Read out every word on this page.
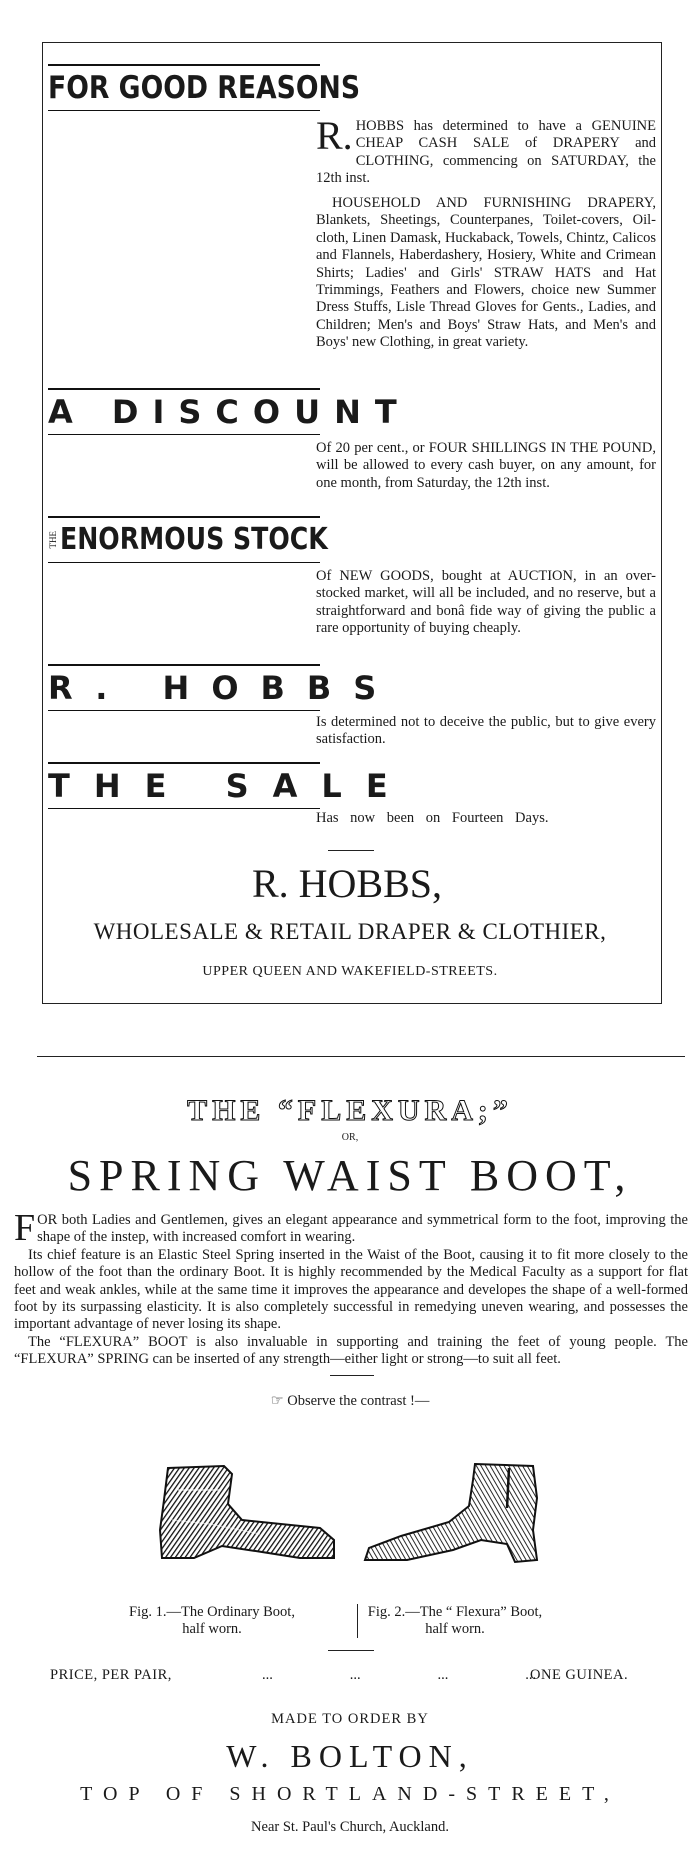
FOR GOOD REASONS
R. HOBBS has determined to have a GENUINE CHEAP CASH SALE of DRAPERY and CLOTHING, commencing on SATURDAY, the 12th inst.
HOUSEHOLD AND FURNISHING DRAPERY, Blankets, Sheetings, Counterpanes, Toilet-covers, Oil-cloth, Linen Damask, Huckaback, Towels, Chintz, Calicos and Flannels, Haberdashery, Hosiery, White and Crimean Shirts; Ladies' and Girls' STRAW HATS and Hat Trimmings, Feathers and Flowers, choice new Summer Dress Stuffs, Lisle Thread Gloves for Gents., Ladies, and Children; Men's and Boys' Straw Hats, and Men's and Boys' new Clothing, in great variety.
A DISCOUNT
Of 20 per cent., or FOUR SHILLINGS IN THE POUND, will be allowed to every cash buyer, on any amount, for one month, from Saturday, the 12th inst.
THE ENORMOUS STOCK
Of NEW GOODS, bought at AUCTION, in an over-stocked market, will all be included, and no reserve, but a straightforward and bonâ fide way of giving the public a rare opportunity of buying cheaply.
R. HOBBS
Is determined not to deceive the public, but to give every satisfaction.
THE SALE
Has now been on Fourteen Days.
R. HOBBS,
WHOLESALE & RETAIL DRAPER & CLOTHIER,
UPPER QUEEN AND WAKEFIELD-STREETS.
THE “FLEXURA;”
OR,
SPRING WAIST BOOT,
FOR both Ladies and Gentlemen, gives an elegant appearance and symmetrical form to the foot, improving the shape of the instep, with increased comfort in wearing.
Its chief feature is an Elastic Steel Spring inserted in the Waist of the Boot, causing it to fit more closely to the hollow of the foot than the ordinary Boot. It is highly recommended by the Medical Faculty as a support for flat feet and weak ankles, while at the same time it improves the appearance and developes the shape of a well-formed foot by its surpassing elasticity. It is also completely successful in remedying uneven wearing, and possesses the important advantage of never losing its shape.
The “FLEXURA” BOOT is also invaluable in supporting and training the feet of young people. The “FLEXURA” SPRING can be inserted of any strength—either light or strong—to suit all feet.
☞ Observe the contrast !—
Fig. 1.—The Ordinary Boot, half worn.
Fig. 2.—The “ Flexura” Boot, half worn.
PRICE, PER PAIR,	...   ...   ...   ...
ONE GUINEA.
MADE TO ORDER BY
W. BOLTON,
TOP OF SHORTLAND-STREET,
Near St. Paul's Church, Auckland.
